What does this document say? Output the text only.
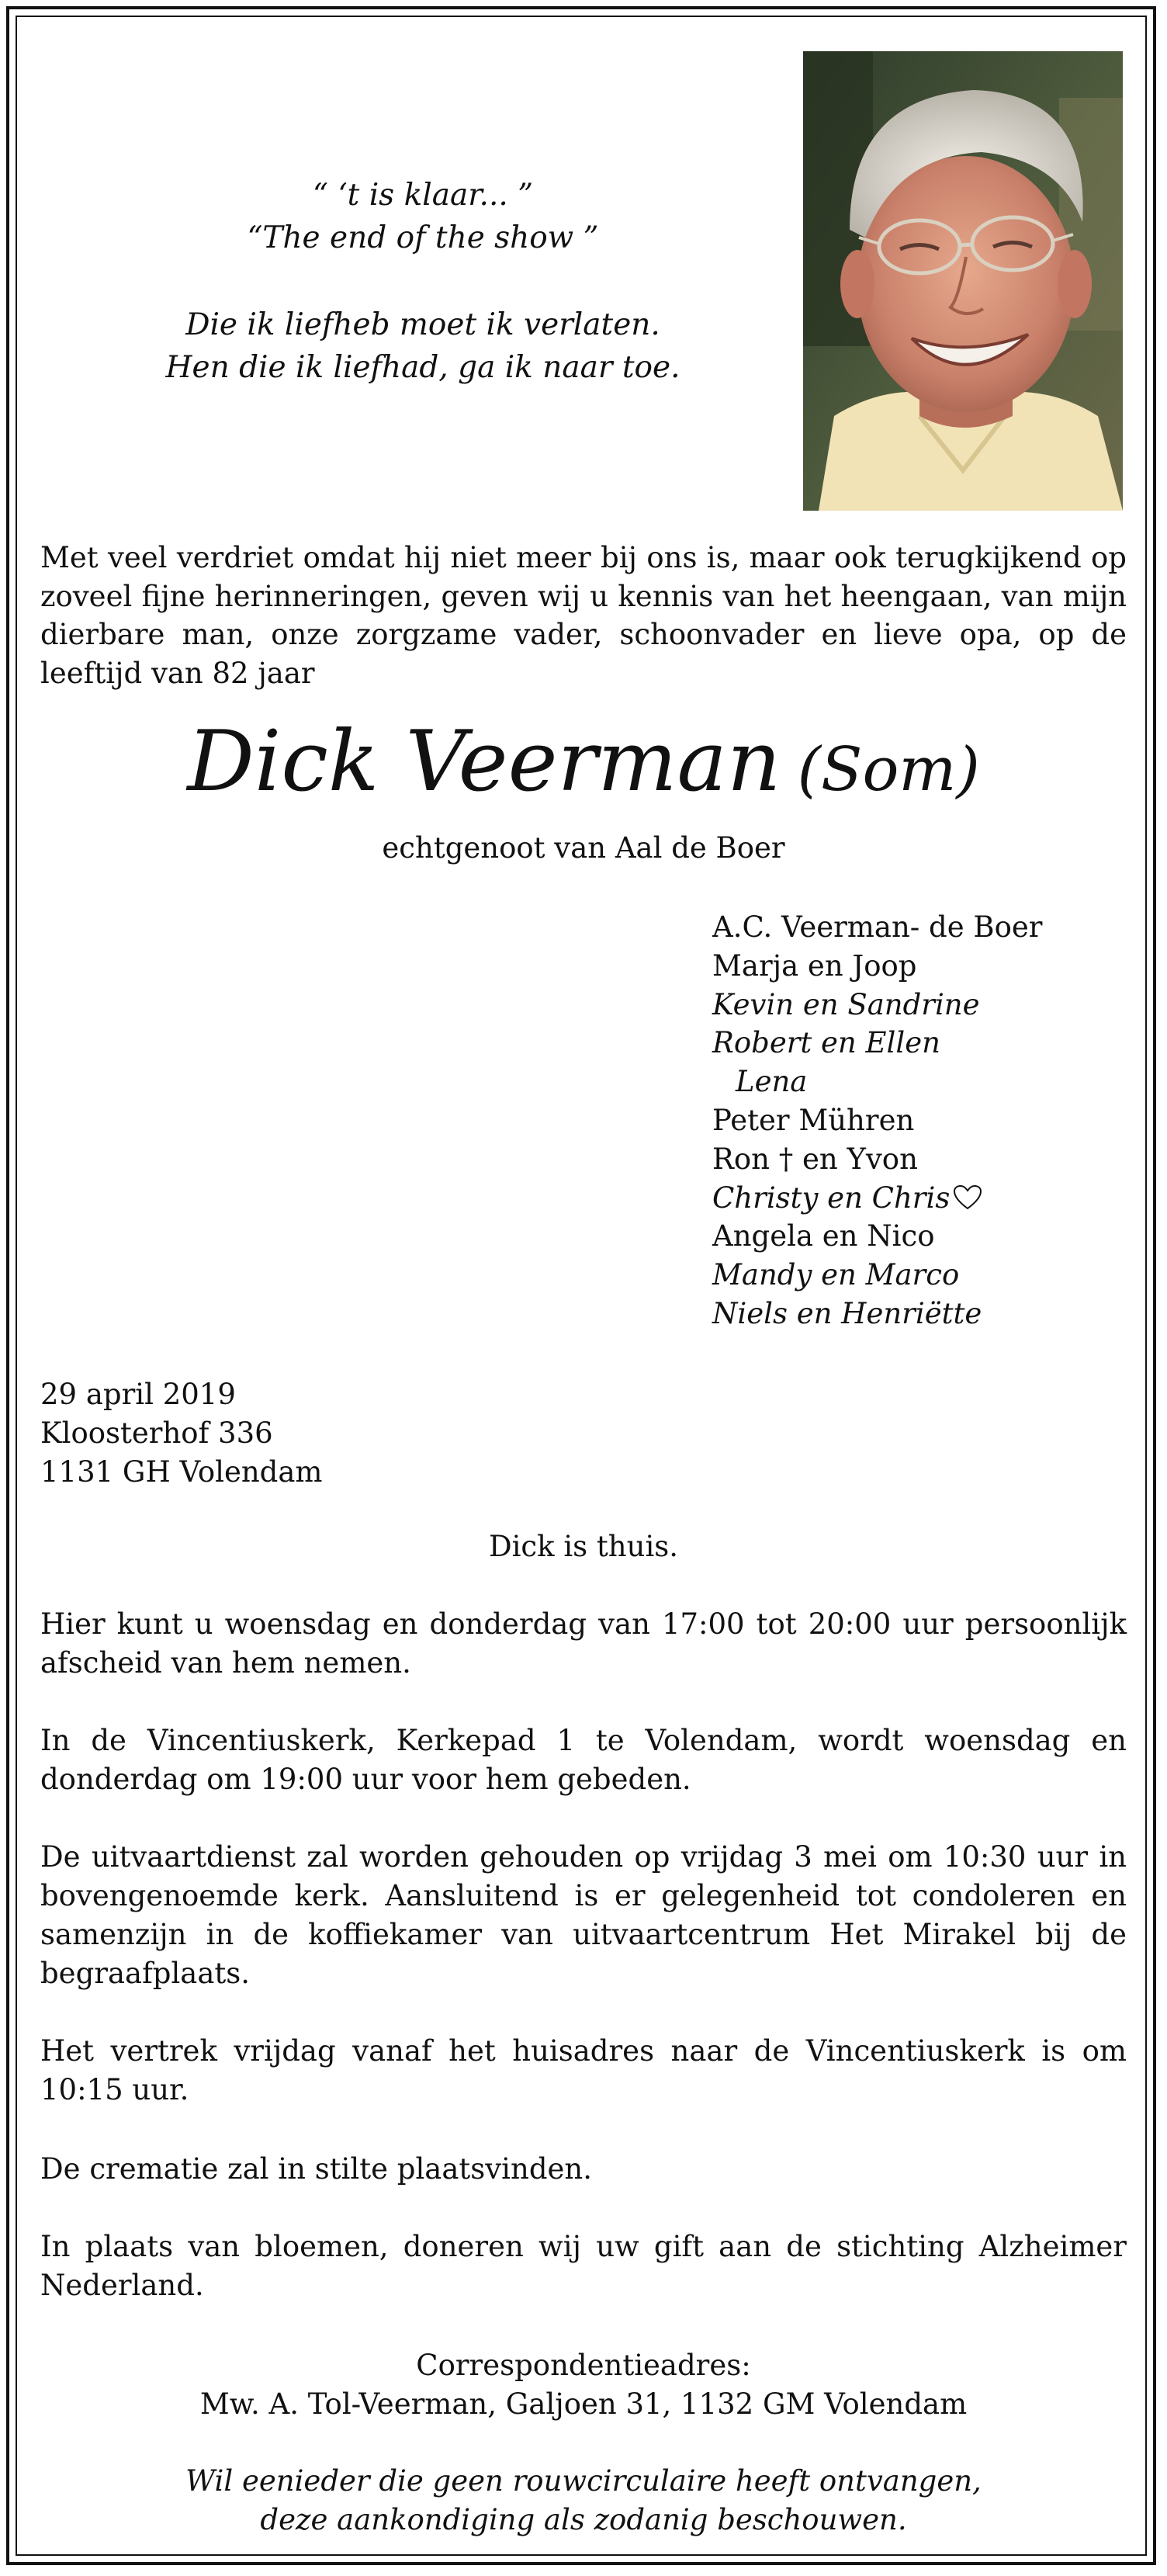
“ ‘t is klaar... ”
“The end of the show ”
Die ik liefheb moet ik verlaten.
Hen die ik liefhad, ga ik naar toe.
Met veel verdriet omdat hij niet meer bij ons is, maar ook terugkijkend op zoveel fijne herinneringen, geven wij u kennis van het heengaan, van mijn dierbare man, onze zorgzame vader, schoonvader en lieve opa, op de leeftijd van 82 jaar
Dick Veerman (Som)
echtgenoot van Aal de Boer
A.C. Veerman- de Boer
Marja en Joop
Kevin en Sandrine
Robert en Ellen
Lena
Peter Mühren
Ron † en Yvon
Christy en Chris
Angela en Nico
Mandy en Marco
Niels en Henriëtte
29 april 2019
Kloosterhof 336
1131 GH Volendam
Dick is thuis.
Hier kunt u woensdag en donderdag van 17:00 tot 20:00 uur persoonlijk afscheid van hem nemen.
In de Vincentiuskerk, Kerkepad 1 te Volendam, wordt woensdag en donderdag om 19:00 uur voor hem gebeden.
De uitvaartdienst zal worden gehouden op vrijdag 3 mei om 10:30 uur in bovengenoemde kerk. Aansluitend is er gelegenheid tot condoleren en samenzijn in de koffiekamer van uitvaartcentrum Het Mirakel bij de begraafplaats.
Het vertrek vrijdag vanaf het huisadres naar de Vincentiuskerk is om 10:15 uur.
De crematie zal in stilte plaatsvinden.
In plaats van bloemen, doneren wij uw gift aan de stichting Alzheimer Nederland.
Correspondentieadres:
Mw. A. Tol-Veerman, Galjoen 31, 1132 GM Volendam
Wil eenieder die geen rouwcirculaire heeft ontvangen,
deze aankondiging als zodanig beschouwen.
